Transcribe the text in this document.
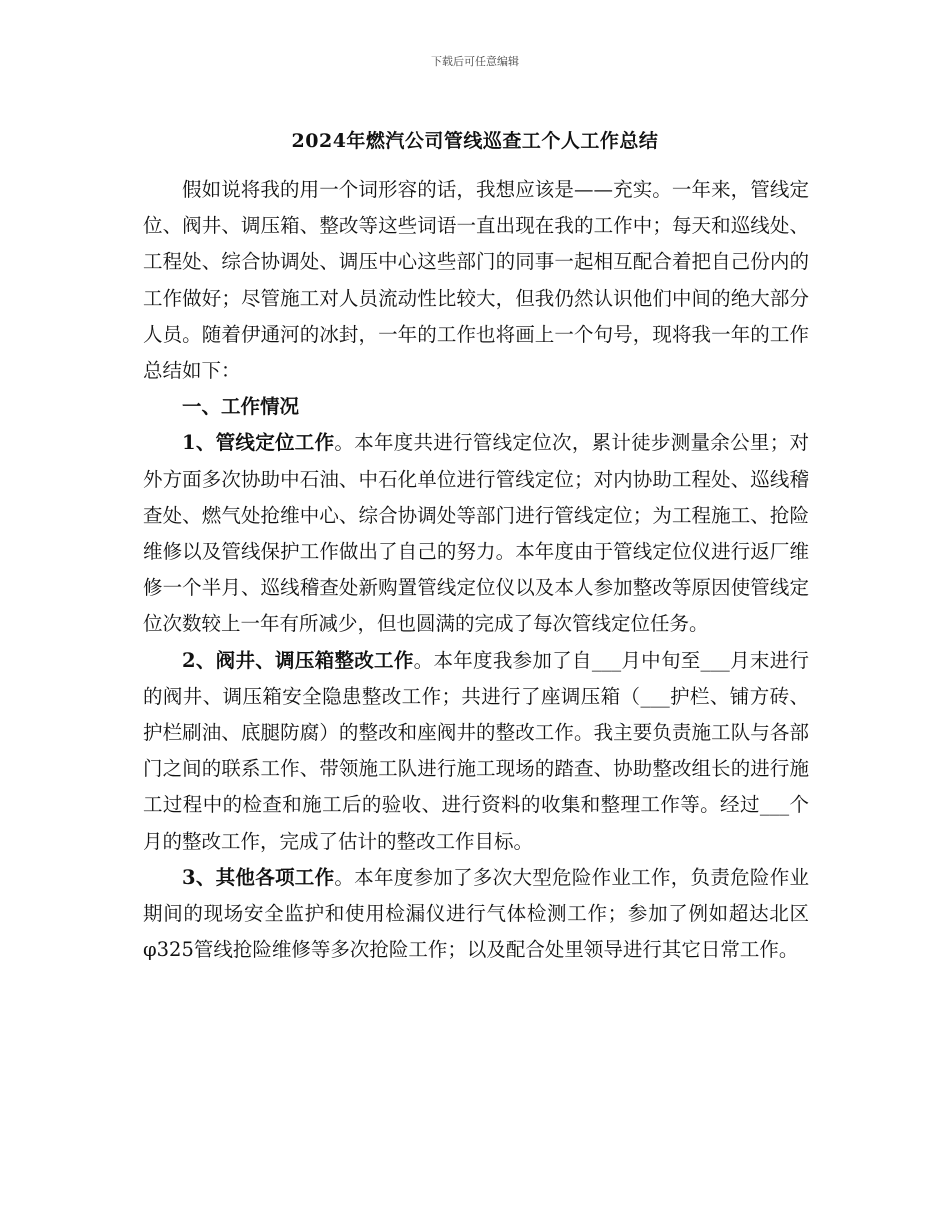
下载后可任意编辑
2024年燃汽公司管线巡查工个人工作总结

假如说将我的用一个词形容的话，我想应该是——充实。一年来，管线定位、阀井、调压箱、整改等这些词语一直出现在我的工作中；每天和巡线处、工程处、综合协调处、调压中心这些部门的同事一起相互配合着把自己份内的工作做好；尽管施工对人员流动性比较大，但我仍然认识他们中间的绝大部分人员。随着伊通河的冰封，一年的工作也将画上一个句号，现将我一年的工作总结如下：

一、工作情况

1、管线定位工作。本年度共进行管线定位次，累计徒步测量余公里；对外方面多次协助中石油、中石化单位进行管线定位；对内协助工程处、巡线稽查处、燃气处抢维中心、综合协调处等部门进行管线定位；为工程施工、抢险维修以及管线保护工作做出了自己的努力。本年度由于管线定位仪进行返厂维修一个半月、巡线稽查处新购置管线定位仪以及本人参加整改等原因使管线定位次数较上一年有所减少，但也圆满的完成了每次管线定位任务。

2、阀井、调压箱整改工作。本年度我参加了自___月中旬至___月末进行的阀井、调压箱安全隐患整改工作；共进行了座调压箱（___护栏、铺方砖、护栏刷油、底腿防腐）的整改和座阀井的整改工作。我主要负责施工队与各部门之间的联系工作、带领施工队进行施工现场的踏查、协助整改组长的进行施工过程中的检查和施工后的验收、进行资料的收集和整理工作等。经过___个月的整改工作，完成了估计的整改工作目标。

3、其他各项工作。本年度参加了多次大型危险作业工作，负责危险作业期间的现场安全监护和使用检漏仪进行气体检测工作；参加了例如超达北区φ325管线抢险维修等多次抢险工作；以及配合处里领导进行其它日常工作。
